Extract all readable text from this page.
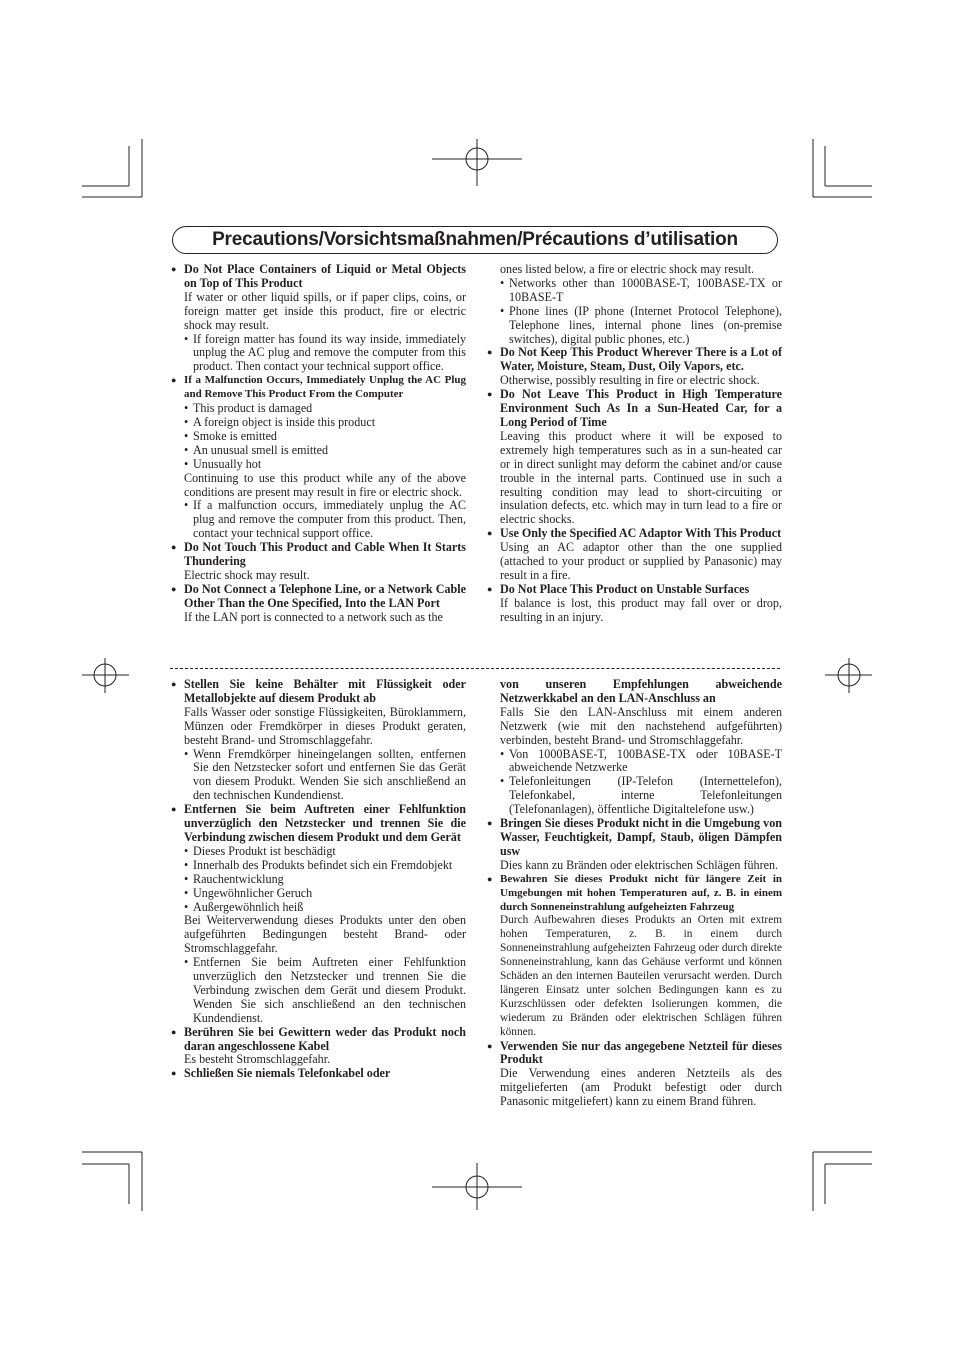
Precautions/Vorsichtsmaßnahmen/Précautions d’utilisation
● Do Not Place Containers of Liquid or Metal Objects on Top of This Product
If water or other liquid spills, or if paper clips, coins, or foreign matter get inside this product, fire or electric shock may result.
• If foreign matter has found its way inside, immediately unplug the AC plug and remove the computer from this product. Then contact your technical support office.
● If a Malfunction Occurs, Immediately Unplug the AC Plug and Remove This Product From the Computer
• This product is damaged
• A foreign object is inside this product
• Smoke is emitted
• An unusual smell is emitted
• Unusually hot
Continuing to use this product while any of the above conditions are present may result in fire or electric shock.
• If a malfunction occurs, immediately unplug the AC plug and remove the computer from this product. Then, contact your technical support office.
● Do Not Touch This Product and Cable When It Starts Thundering
Electric shock may result.
● Do Not Connect a Telephone Line, or a Network Cable Other Than the One Specified, Into the LAN Port
If the LAN port is connected to a network such as the
ones listed below, a fire or electric shock may result.
• Networks other than 1000BASE-T, 100BASE-TX or 10BASE-T
• Phone lines (IP phone (Internet Protocol Telephone), Telephone lines, internal phone lines (on-premise switches), digital public phones, etc.)
● Do Not Keep This Product Wherever There is a Lot of Water, Moisture, Steam, Dust, Oily Vapors, etc.
Otherwise, possibly resulting in fire or electric shock.
● Do Not Leave This Product in High Temperature Environment Such As In a Sun-Heated Car, for a Long Period of Time
Leaving this product where it will be exposed to extremely high temperatures such as in a sun-heated car or in direct sunlight may deform the cabinet and/or cause trouble in the internal parts. Continued use in such a resulting condition may lead to short-circuiting or insulation defects, etc. which may in turn lead to a fire or electric shocks.
● Use Only the Specified AC Adaptor With This Product
Using an AC adaptor other than the one supplied (attached to your product or supplied by Panasonic) may result in a fire.
● Do Not Place This Product on Unstable Surfaces
If balance is lost, this product may fall over or drop, resulting in an injury.
● Stellen Sie keine Behälter mit Flüssigkeit oder Metallobjekte auf diesem Produkt ab
Falls Wasser oder sonstige Flüssigkeiten, Büroklammern, Münzen oder Fremdkörper in dieses Produkt geraten, besteht Brand- und Stromschlaggefahr.
• Wenn Fremdkörper hineingelangen sollten, entfernen Sie den Netzstecker sofort und entfernen Sie das Gerät von diesem Produkt. Wenden Sie sich anschließend an den technischen Kundendienst.
● Entfernen Sie beim Auftreten einer Fehlfunktion unverzüglich den Netzstecker und trennen Sie die Verbindung zwischen diesem Produkt und dem Gerät
• Dieses Produkt ist beschädigt
• Innerhalb des Produkts befindet sich ein Fremdobjekt
• Rauchentwicklung
• Ungewöhnlicher Geruch
• Außergewöhnlich heiß
Bei Weiterverwendung dieses Produkts unter den oben aufgeführten Bedingungen besteht Brand- oder Stromschlaggefahr.
• Entfernen Sie beim Auftreten einer Fehlfunktion unverzüglich den Netzstecker und trennen Sie die Verbindung zwischen dem Gerät und diesem Produkt. Wenden Sie sich anschließend an den technischen Kundendienst.
● Berühren Sie bei Gewittern weder das Produkt noch daran angeschlossene Kabel
Es besteht Stromschlaggefahr.
● Schließen Sie niemals Telefonkabel oder
von unseren Empfehlungen abweichende Netzwerkkabel an den LAN-Anschluss an
Falls Sie den LAN-Anschluss mit einem anderen Netzwerk (wie mit den nachstehend aufgeführten) verbinden, besteht Brand- und Stromschlaggefahr.
• Von 1000BASE-T, 100BASE-TX oder 10BASE-T abweichende Netzwerke
• Telefonleitungen (IP-Telefon (Internettelefon), Telefonkabel, interne Telefonleitungen (Telefonanlagen), öffentliche Digitaltelefone usw.)
● Bringen Sie dieses Produkt nicht in die Umgebung von Wasser, Feuchtigkeit, Dampf, Staub, öligen Dämpfen usw
Dies kann zu Bränden oder elektrischen Schlägen führen.
● Bewahren Sie dieses Produkt nicht für längere Zeit in Umgebungen mit hohen Temperaturen auf, z. B. in einem durch Sonneneinstrahlung aufgeheizten Fahrzeug
Durch Aufbewahren dieses Produkts an Orten mit extrem hohen Temperaturen, z. B. in einem durch Sonneneinstrahlung aufgeheizten Fahrzeug oder durch direkte Sonneneinstrahlung, kann das Gehäuse verformt und können Schäden an den internen Bauteilen verursacht werden. Durch längeren Einsatz unter solchen Bedingungen kann es zu Kurzschlüssen oder defekten Isolierungen kommen, die wiederum zu Bränden oder elektrischen Schlägen führen können.
● Verwenden Sie nur das angegebene Netzteil für dieses Produkt
Die Verwendung eines anderen Netzteils als des mitgelieferten (am Produkt befestigt oder durch Panasonic mitgeliefert) kann zu einem Brand führen.
